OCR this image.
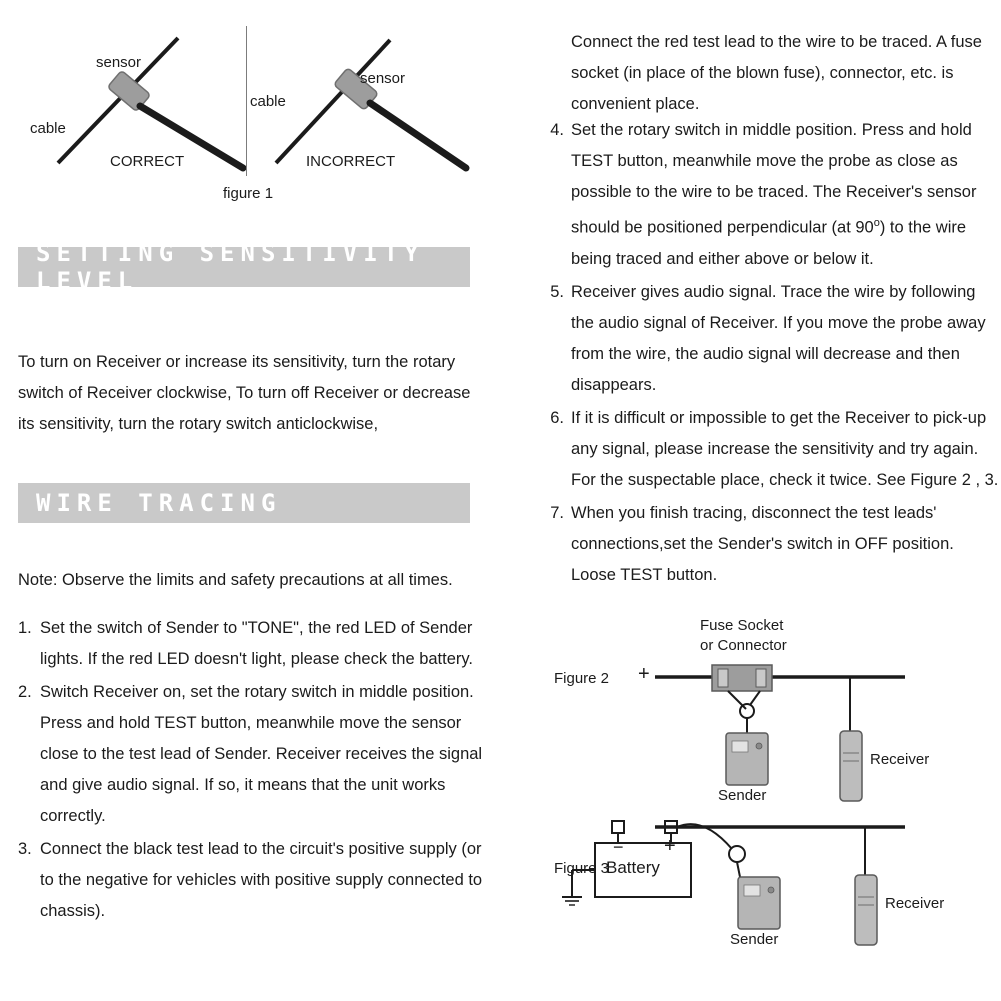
sensor
cable
CORRECT
cable
sensor
INCORRECT
figure 1
SETTING SENSITIVITY LEVEL

To turn on Receiver or increase its sensitivity, turn the rotary switch of Receiver clockwise, To turn off Receiver or decrease its sensitivity, turn the rotary switch anticlockwise,

WIRE TRACING

Note: Observe the limits and safety precautions at all times.

1. Set the switch of Sender to "TONE", the red LED of Sender lights. If the red LED doesn't light, please check the battery.
2. Switch Receiver on, set the rotary switch in middle position. Press and hold TEST button, meanwhile move the sensor close to the test lead of Sender. Receiver receives the signal and give audio signal. If so, it means that the unit works correctly.
3. Connect the black test lead to the circuit's positive supply (or to the negative for vehicles with positive supply connected to chassis).

Connect the red test lead to the wire to be traced. A fuse socket (in place of the blown fuse), connector, etc. is convenient place.

4. Set the rotary switch in middle position. Press and hold TEST button, meanwhile move the probe as close as possible to the wire to be traced. The Receiver's sensor should be positioned perpendicular (at 90$^o$) to the wire being traced and either above or below it.
5. Receiver gives audio signal. Trace the wire by following the audio signal of Receiver. If you move the probe away from the wire, the audio signal will decrease and then disappears.
6. If it is difficult or impossible to get the Receiver to pick-up any signal, please increase the sensitivity and try again. For the suspectable place, check it twice. See Figure 2 , 3.
7. When you finish tracing, disconnect the test leads' connections,set the Sender's switch in OFF position. Loose TEST button.
Fuse Socket
or Connector
+
Figure 2
Sender
Receiver
Figure 3
− +
Battery
Sender
Receiver
